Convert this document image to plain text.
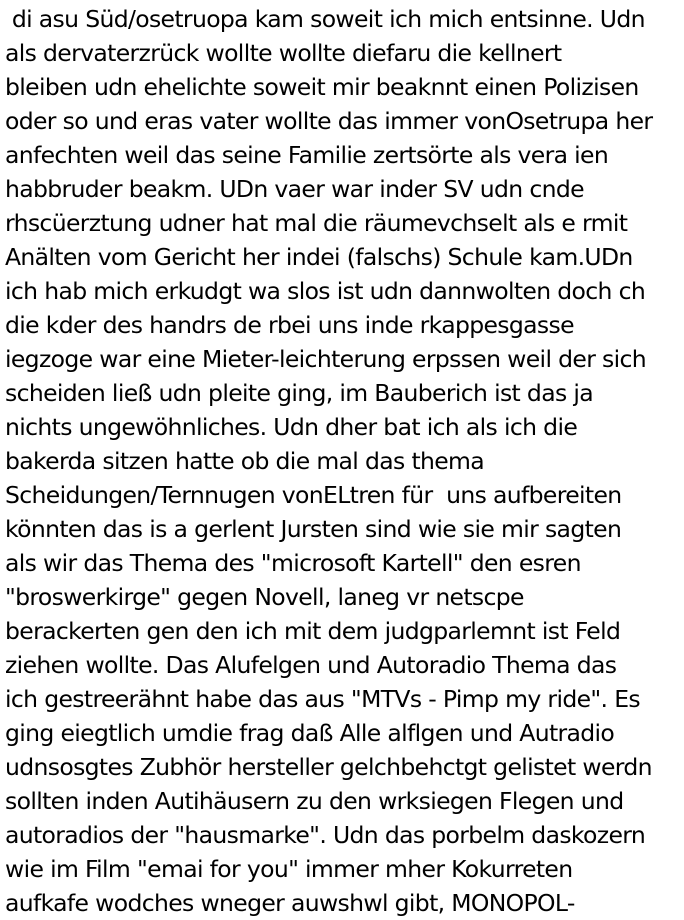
di asu Süd/osetruopa kam soweit ich mich entsinne. Udn
als dervaterzrück wollte wollte diefaru die kellnert
bleiben udn ehelichte soweit mir beaknnt einen Polizisen
oder so und eras vater wollte das immer vonOsetrupa her
anfechten weil das seine Familie zertsörte als vera ien
habbruder beakm. UDn vaer war inder SV udn cnde
rhscüerztung udner hat mal die räumevchselt als e rmit
Anälten vom Gericht her indei (falschs) Schule kam.UDn
ich hab mich erkudgt wa slos ist udn dannwolten doch ch
die kder des handrs de rbei uns inde rkappesgasse
iegzoge war eine Mieter-leichterung erpssen weil der sich
scheiden ließ udn pleite ging, im Bauberich ist das ja
nichts ungewöhnliches. Udn dher bat ich als ich die
bakerda sitzen hatte ob die mal das thema
Scheidungen/Ternnugen vonELtren für  uns aufbereiten
könnten das is a gerlent Jursten sind wie sie mir sagten
als wir das Thema des "microsoft Kartell" den esren
"broswerkirge" gegen Novell, laneg vr netscpe
berackerten gen den ich mit dem judgparlemnt ist Feld
ziehen wollte. Das Alufelgen und Autoradio Thema das
ich gestreerähnt habe das aus "MTVs - Pimp my ride". Es
ging eiegtlich umdie frag daß Alle alflgen und Autradio
udnsosgtes Zubhör hersteller gelchbehctgt gelistet werdn
sollten inden Autihäusern zu den wrksiegen Flegen und
autoradios der "hausmarke". Udn das porbelm daskozern
wie im Film "emai for you" immer mher Kokurreten
aufkafe wodches wneger auwshwl gibt, MONOPOL-
